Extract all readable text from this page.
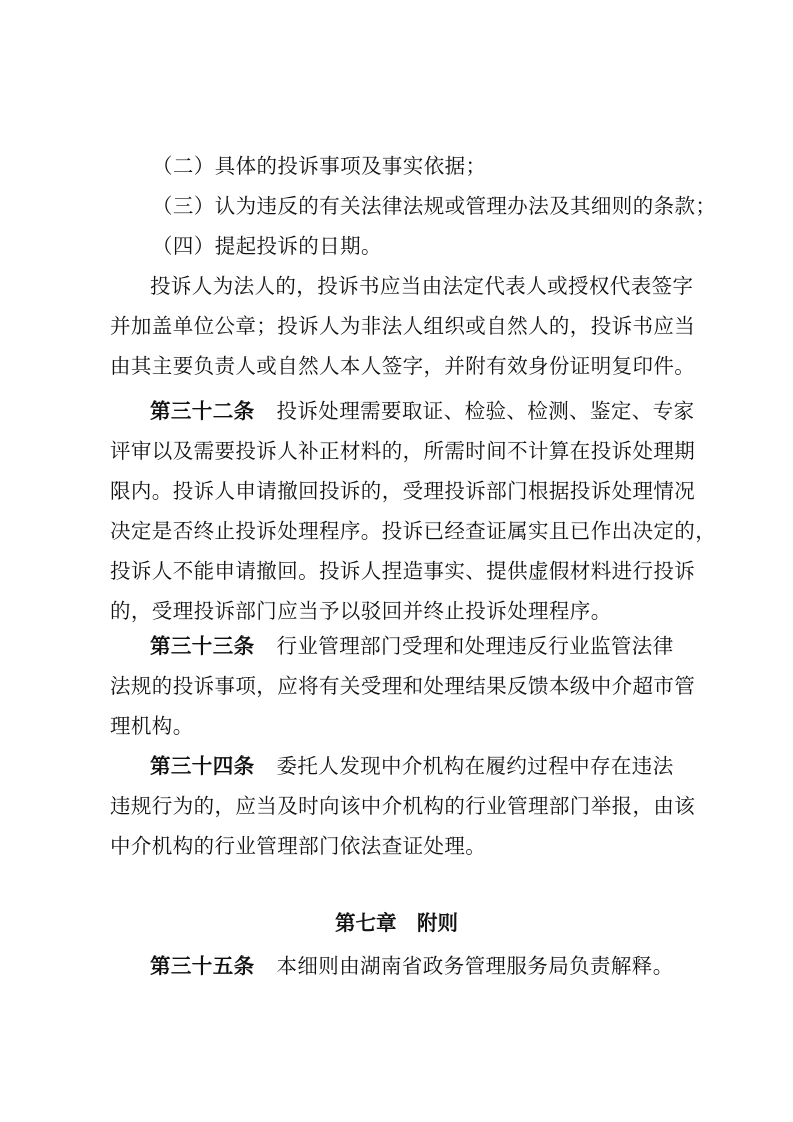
（二）具体的投诉事项及事实依据；
（三）认为违反的有关法律法规或管理办法及其细则的条款；
（四）提起投诉的日期。
投诉人为法人的，投诉书应当由法定代表人或授权代表签字
并加盖单位公章；投诉人为非法人组织或自然人的，投诉书应当
由其主要负责人或自然人本人签字，并附有效身份证明复印件。
第三十二条 投诉处理需要取证、检验、检测、鉴定、专家
评审以及需要投诉人补正材料的，所需时间不计算在投诉处理期
限内。投诉人申请撤回投诉的，受理投诉部门根据投诉处理情况
决定是否终止投诉处理程序。投诉已经查证属实且已作出决定的，
投诉人不能申请撤回。投诉人捏造事实、提供虚假材料进行投诉
的，受理投诉部门应当予以驳回并终止投诉处理程序。
第三十三条 行业管理部门受理和处理违反行业监管法律
法规的投诉事项，应将有关受理和处理结果反馈本级中介超市管
理机构。
第三十四条 委托人发现中介机构在履约过程中存在违法
违规行为的，应当及时向该中介机构的行业管理部门举报，由该
中介机构的行业管理部门依法查证处理。
第七章　附则
第三十五条 本细则由湖南省政务管理服务局负责解释。
